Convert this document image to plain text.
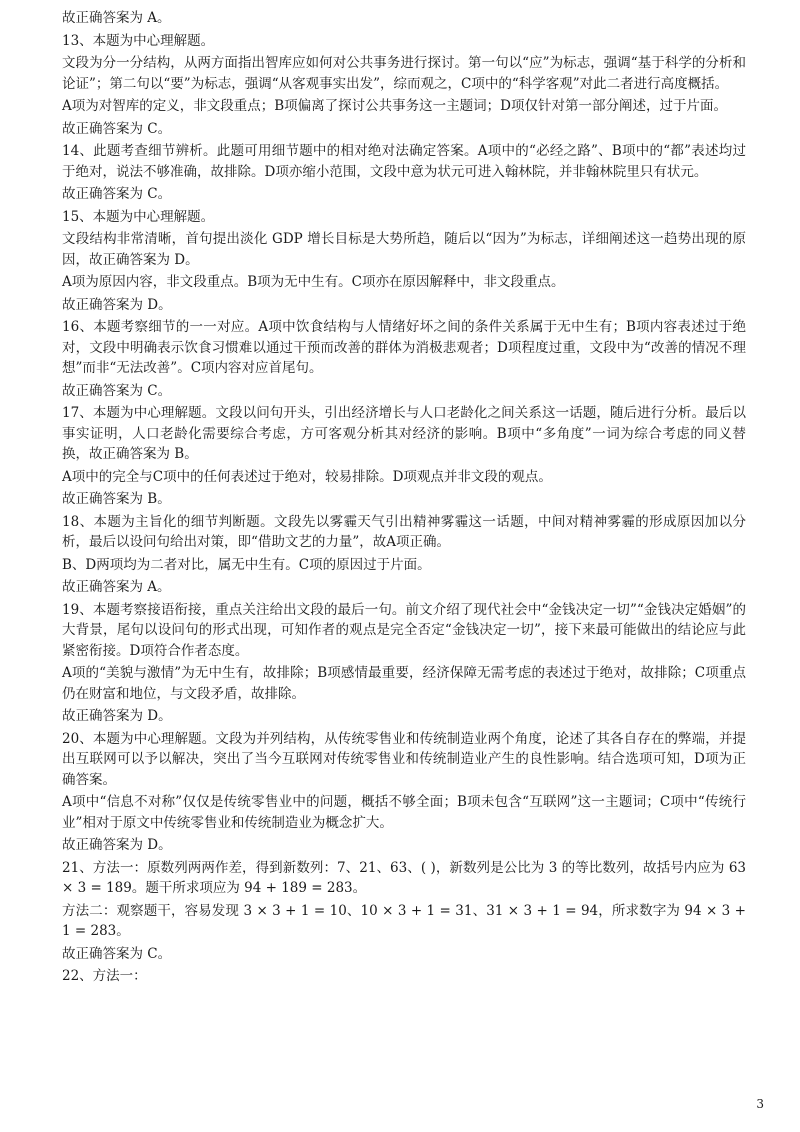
故正确答案为 A。

13、本题为中心理解题。

文段为分一分结构，从两方面指出智库应如何对公共事务进行探讨。第一句以“应”为标志，强调“基于科学的分析和论证”；第二句以“要”为标志，强调“从客观事实出发”，综而观之，C项中的“科学客观”对此二者进行高度概括。

A项为对智库的定义，非文段重点；B项偏离了探讨公共事务这一主题词；D项仅针对第一部分阐述，过于片面。

故正确答案为 C。

14、此题考查细节辨析。此题可用细节题中的相对绝对法确定答案。A项中的“必经之路”、B项中的“都”表述均过于绝对，说法不够准确，故排除。D项亦缩小范围，文段中意为状元可进入翰林院，并非翰林院里只有状元。

故正确答案为 C。

15、本题为中心理解题。

文段结构非常清晰，首句提出淡化 GDP 增长目标是大势所趋，随后以“因为”为标志，详细阐述这一趋势出现的原因，故正确答案为 D。

A项为原因内容，非文段重点。B项为无中生有。C项亦在原因解释中，非文段重点。

故正确答案为 D。

16、本题考察细节的一一对应。A项中饮食结构与人情绪好坏之间的条件关系属于无中生有；B项内容表述过于绝对，文段中明确表示饮食习惯难以通过干预而改善的群体为消极悲观者；D项程度过重，文段中为“改善的情况不理想”而非“无法改善”。C项内容对应首尾句。

故正确答案为 C。

17、本题为中心理解题。文段以问句开头，引出经济增长与人口老龄化之间关系这一话题，随后进行分析。最后以事实证明，人口老龄化需要综合考虑，方可客观分析其对经济的影响。B项中“多角度”一词为综合考虑的同义替换，故正确答案为 B。

A项中的完全与C项中的任何表述过于绝对，较易排除。D项观点并非文段的观点。

故正确答案为 B。

18、本题为主旨化的细节判断题。文段先以雾霾天气引出精神雾霾这一话题，中间对精神雾霾的形成原因加以分析，最后以设问句给出对策，即“借助文艺的力量”，故A项正确。

B、D两项均为二者对比，属无中生有。C项的原因过于片面。

故正确答案为 A。

19、本题考察接语衔接，重点关注给出文段的最后一句。前文介绍了现代社会中“金钱决定一切”“金钱决定婚姻”的大背景，尾句以设问句的形式出现，可知作者的观点是完全否定“金钱决定一切”，接下来最可能做出的结论应与此紧密衔接。D项符合作者态度。

A项的“美貌与激情”为无中生有，故排除；B项感情最重要，经济保障无需考虑的表述过于绝对，故排除；C项重点仍在财富和地位，与文段矛盾，故排除。

故正确答案为 D。

20、本题为中心理解题。文段为并列结构，从传统零售业和传统制造业两个角度，论述了其各自存在的弊端，并提出互联网可以予以解决，突出了当今互联网对传统零售业和传统制造业产生的良性影响。结合选项可知，D项为正确答案。

A项中“信息不对称”仅仅是传统零售业中的问题，概括不够全面；B项未包含“互联网”这一主题词；C项中“传统行业”相对于原文中传统零售业和传统制造业为概念扩大。

故正确答案为 D。

21、方法一：原数列两两作差，得到新数列：7、21、63、( )，新数列是公比为 3 的等比数列，故括号内应为 63 × 3 = 189。题干所求项应为 94 + 189 = 283。

方法二：观察题干，容易发现 3 × 3 + 1 = 10、10 × 3 + 1 = 31、31 × 3 + 1 = 94，所求数字为 94 × 3 + 1 = 283。

故正确答案为 C。

22、方法一：

3
